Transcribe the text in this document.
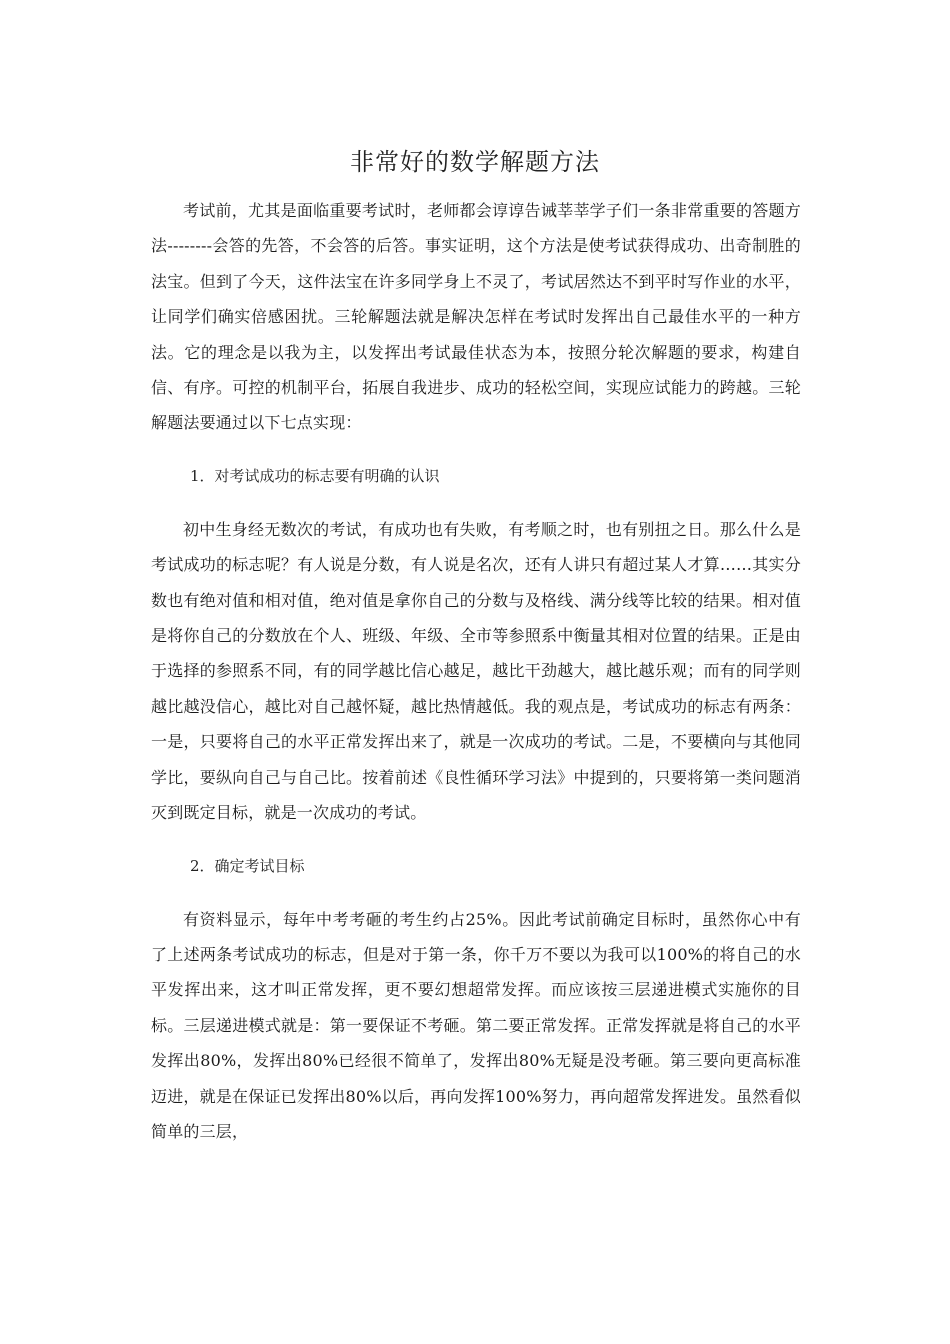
非常好的数学解题方法

考试前，尤其是面临重要考试时，老师都会谆谆告诫莘莘学子们一条非常重要的答题方法--------会答的先答，不会答的后答。事实证明，这个方法是使考试获得成功、出奇制胜的法宝。但到了今天，这件法宝在许多同学身上不灵了，考试居然达不到平时写作业的水平，让同学们确实倍感困扰。三轮解题法就是解决怎样在考试时发挥出自己最佳水平的一种方法。它的理念是以我为主，以发挥出考试最佳状态为本，按照分轮次解题的要求，构建自信、有序。可控的机制平台，拓展自我进步、成功的轻松空间，实现应试能力的跨越。三轮解题法要通过以下七点实现：

1．对考试成功的标志要有明确的认识

初中生身经无数次的考试，有成功也有失败，有考顺之时，也有别扭之日。那么什么是考试成功的标志呢？有人说是分数，有人说是名次，还有人讲只有超过某人才算……其实分数也有绝对值和相对值，绝对值是拿你自己的分数与及格线、满分线等比较的结果。相对值是将你自己的分数放在个人、班级、年级、全市等参照系中衡量其相对位置的结果。正是由于选择的参照系不同，有的同学越比信心越足，越比干劲越大，越比越乐观；而有的同学则越比越没信心，越比对自己越怀疑，越比热情越低。我的观点是，考试成功的标志有两条：一是，只要将自己的水平正常发挥出来了，就是一次成功的考试。二是，不要横向与其他同学比，要纵向自己与自己比。按着前述《良性循环学习法》中提到的，只要将第一类问题消灭到既定目标，就是一次成功的考试。

2．确定考试目标

有资料显示，每年中考考砸的考生约占25%。因此考试前确定目标时，虽然你心中有了上述两条考试成功的标志，但是对于第一条，你千万不要以为我可以100%的将自己的水平发挥出来，这才叫正常发挥，更不要幻想超常发挥。而应该按三层递进模式实施你的目标。三层递进模式就是：第一要保证不考砸。第二要正常发挥。正常发挥就是将自己的水平发挥出80%，发挥出80%已经很不简单了，发挥出80%无疑是没考砸。第三要向更高标准迈进，就是在保证已发挥出80%以后，再向发挥100%努力，再向超常发挥进发。虽然看似简单的三层，
